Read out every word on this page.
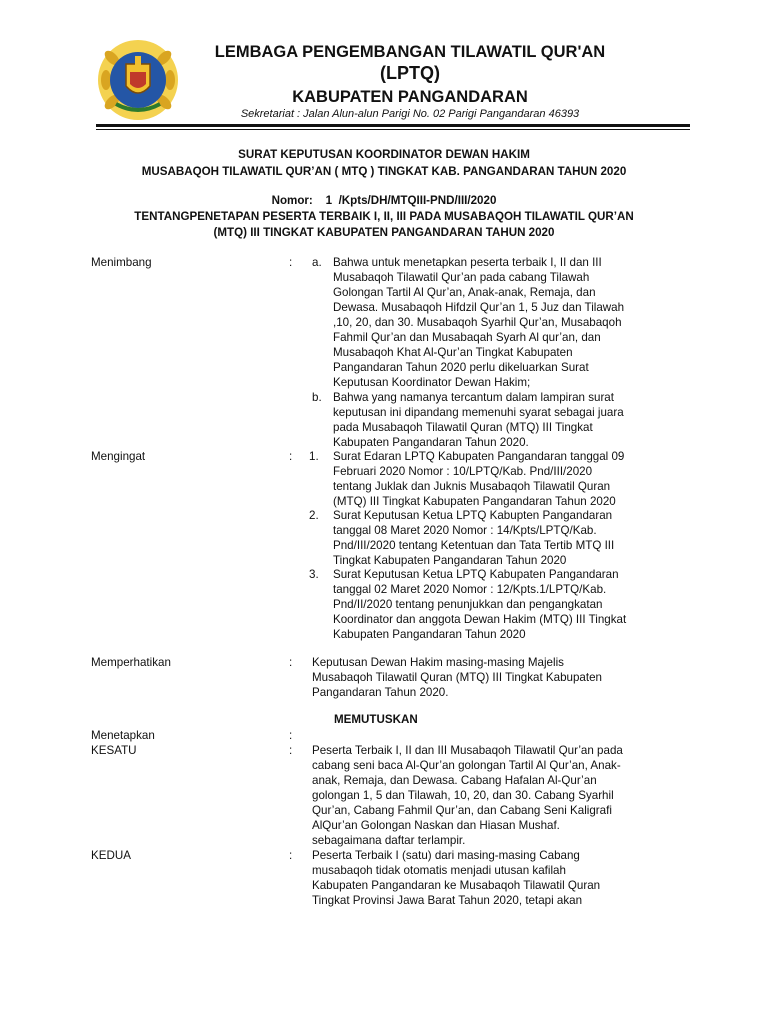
LEMBAGA PENGEMBANGAN TILAWATIL QUR'AN
(LPTQ)
KABUPATEN PANGANDARAN
Sekretariat : Jalan Alun-alun Parigi No. 02 Parigi Pangandaran 46393
SURAT KEPUTUSAN KOORDINATOR DEWAN HAKIM
MUSABAQOH TILAWATIL QUR’AN ( MTQ ) TINGKAT KAB. PANGANDARAN TAHUN 2020
Nomor:    1  /Kpts/DH/MTQIII-PND/III/2020
TENTANGPENETAPAN PESERTA TERBAIK I, II, III PADA MUSABAQOH TILAWATIL QUR’AN
(MTQ) III TINGKAT KABUPATEN PANGANDARAN TAHUN 2020
Menimbang	: a. Bahwa untuk menetapkan peserta terbaik I, II dan III
Musabaqoh Tilawatil Qur’an pada cabang Tilawah
Golongan Tartil Al Qur’an, Anak-anak, Remaja, dan
Dewasa. Musabaqoh Hifdzil Qur’an 1, 5 Juz dan Tilawah
,10, 20, dan 30. Musabaqoh Syarhil Qur’an, Musabaqoh
Fahmil Qur’an dan Musabaqah Syarh Al qur’an, dan
Musabaqoh Khat Al-Qur’an Tingkat Kabupaten
Pangandaran Tahun 2020 perlu dikeluarkan Surat
Keputusan Koordinator Dewan Hakim;
b. Bahwa yang namanya tercantum dalam lampiran surat
keputusan ini dipandang memenuhi syarat sebagai juara
pada Musabaqoh Tilawatil Quran (MTQ) III Tingkat
Kabupaten Pangandaran Tahun 2020.
Mengingat	: 1. Surat Edaran LPTQ Kabupaten Pangandaran tanggal 09
Februari 2020 Nomor : 10/LPTQ/Kab. Pnd/III/2020
tentang Juklak dan Juknis Musabaqoh Tilawatil Quran
(MTQ) III Tingkat Kabupaten Pangandaran Tahun 2020
2. Surat Keputusan Ketua LPTQ Kabupten Pangandaran
tanggal 08 Maret 2020 Nomor : 14/Kpts/LPTQ/Kab.
Pnd/III/2020 tentang Ketentuan dan Tata Tertib MTQ III
Tingkat Kabupaten Pangandaran Tahun 2020
3. Surat Keputusan Ketua LPTQ Kabupaten Pangandaran
tanggal 02 Maret 2020 Nomor : 12/Kpts.1/LPTQ/Kab.
Pnd/II/2020 tentang penunjukkan dan pengangkatan
Koordinator dan anggota Dewan Hakim (MTQ) III Tingkat
Kabupaten Pangandaran Tahun 2020
Memperhatikan	: Keputusan Dewan Hakim masing-masing Majelis
Musabaqoh Tilawatil Quran (MTQ) III Tingkat Kabupaten
Pangandaran Tahun 2020.
MEMUTUSKAN
Menetapkan	:
KESATU	: Peserta Terbaik I, II dan III Musabaqoh Tilawatil Qur’an pada
cabang seni baca Al-Qur’an golongan Tartil Al Qur’an, Anak-
anak, Remaja, dan Dewasa. Cabang Hafalan Al-Qur’an
golongan 1, 5 dan Tilawah, 10, 20, dan 30. Cabang Syarhil
Qur’an, Cabang Fahmil Qur’an, dan Cabang Seni Kaligrafi
AlQur’an Golongan Naskan dan Hiasan Mushaf.
sebagaimana daftar terlampir.
KEDUA	: Peserta Terbaik I (satu) dari masing-masing Cabang
musabaqoh tidak otomatis menjadi utusan kafilah
Kabupaten Pangandaran ke Musabaqoh Tilawatil Quran
Tingkat Provinsi Jawa Barat Tahun 2020, tetapi akan
